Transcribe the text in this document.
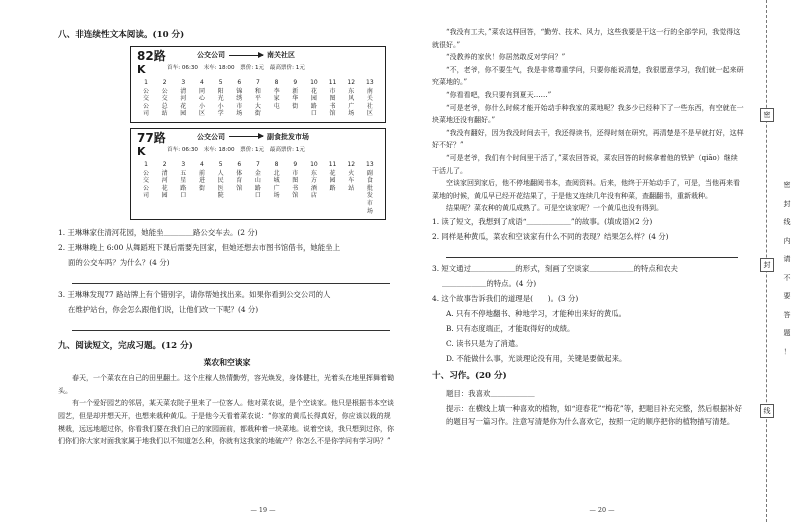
八、非连续性文本阅读。(10 分)
82路
K
公交公司	南关社区
首车: 06:30　末车: 18:00　票价: 1元　最高票价: 1元
1
公交公司
2
公交总站
3
清河花园
4
同心小区
5
阳光小学
6
锦绣市场
7
和平大街
8
李家屯
9
新华街
10
花园路口
11
市图书馆
12
东风广场
13
南关社区
77路
K
公交公司	副食批发市场
首车: 06:30　末车: 18:00　票价: 1元　最高票价: 1元
1
公交公司
2
清河花园
3
五星路口
4
前进街
5
人民医院
6
体育馆
7
金山路口
8
北城广场
9
市图书馆
10
东方酒店
11
花园路
12
火车站
13
副食批发市场
1. 王琳琳家住清河花园，她能坐＿＿＿＿路公交车去。(2 分)
2. 王琳琳晚上 6:00 从舞蹈班下课后需要先回家，但她还想去市图书馆借书，她能坐上
面的公交车吗？为什么？(4 分)
3. 王琳琳发现77 路站牌上有个错别字，请你帮她找出来。如果你看到公交公司的人
在维护站台，你会怎么跟他们说，让他们改一下呢？(4 分)
九、阅读短文，完成习题。(12 分)
菜农和空谈家

春天，一个菜农在自己的田里翻土。这个庄稼人热情勤劳，容光焕发，身体健壮，光着头在地里挥舞着锄头。

有一个爱好园艺的邻居，某天菜农院子里来了一位客人。他对菜农说，是个空谈家。他只是根据书本空谈园艺，但是却并想天开，也想来栽种黄瓜。于是他今天看着菜农说：“你家的黄瓜长得真好，你应该以栽的规模栽，远远地超过你，你看我们要在我们自己的家园面前，都栽种着一块菜地。说着空谈，我只想到过你，你们你们你大家对面我家属于地我们以不知道怎么种，你就有这我家的地破产？你怎么不是你学问有学习吗？”

— 19 —

“我没有工夫，”菜农这样回答，“勤劳、技术、风力，这些我要是干这一行的全部学问，我觉得这就很好。”

“没教养的家伙！你居然敢反对学问？”

“不，老爷，你不要生气，我是非常尊重学问，只要你能说清楚，我很愿意学习，我们就一起来研究菜地的。”

“你看看吧，我只要有到夏天……”

“可是老爷，你什么时候才能开始动手种我家的菜地呢？我多少已经种下了一些东西，有空就在一块菜地还没有翻好。”

“我没有翻好，因为我没时间去干，我还得读书，还得时刻在研究，再清楚是不是早就打好，这样好不好？”

“可是老爷，我们有个时间里干活了，”菜农回答说，菜农回答的时候拿着他的铁铲（qiāo）继续干活儿了。

空谈家回到家后，他不停地翻阅书本，查阅资料。后来，他终于开始动手了，可是，当他再来看菜地的时候，黄瓜早已经开花结果了，于是他又连续几年没有种菜，查翻翻书，重新栽种。

结果呢？菜农种的黄瓜成熟了。可是空谈家呢？一个黄瓜也没有得到。

1. 读了短文，我想到了成语“＿＿＿＿＿＿”的故事。(填成语)(2 分)
2. 同样是种黄瓜，菜农和空谈家有什么不同的表现？结果怎么样？(4 分)
3. 短文通过＿＿＿＿＿＿的形式，刻画了空谈家＿＿＿＿＿＿的特点和农夫
＿＿＿＿＿＿的特点。(4 分)
4. 这个故事告诉我们的道理是(　　)。(3 分)
A. 只有不停地翻书、种地学习，才能种出来好的黄瓜。
B. 只有态度端正，才能取得好的成绩。
C. 读书只是为了消遣。
D. 不能做什么事，光谈理论没有用，关键是要做起来。
十、习作。(20 分)
题目：我喜欢＿＿＿＿＿＿
提示：在横线上填一种喜欢的植物，如“迎春花”“梅花”等，把题目补充完整，然后根据补好的题目写一篇习作。注意写清楚你为什么喜欢它，按照一定的顺序把你的植物描写清楚。
— 20 —
密
封
线
密
封
线
内
请
不
要
答
题
！
